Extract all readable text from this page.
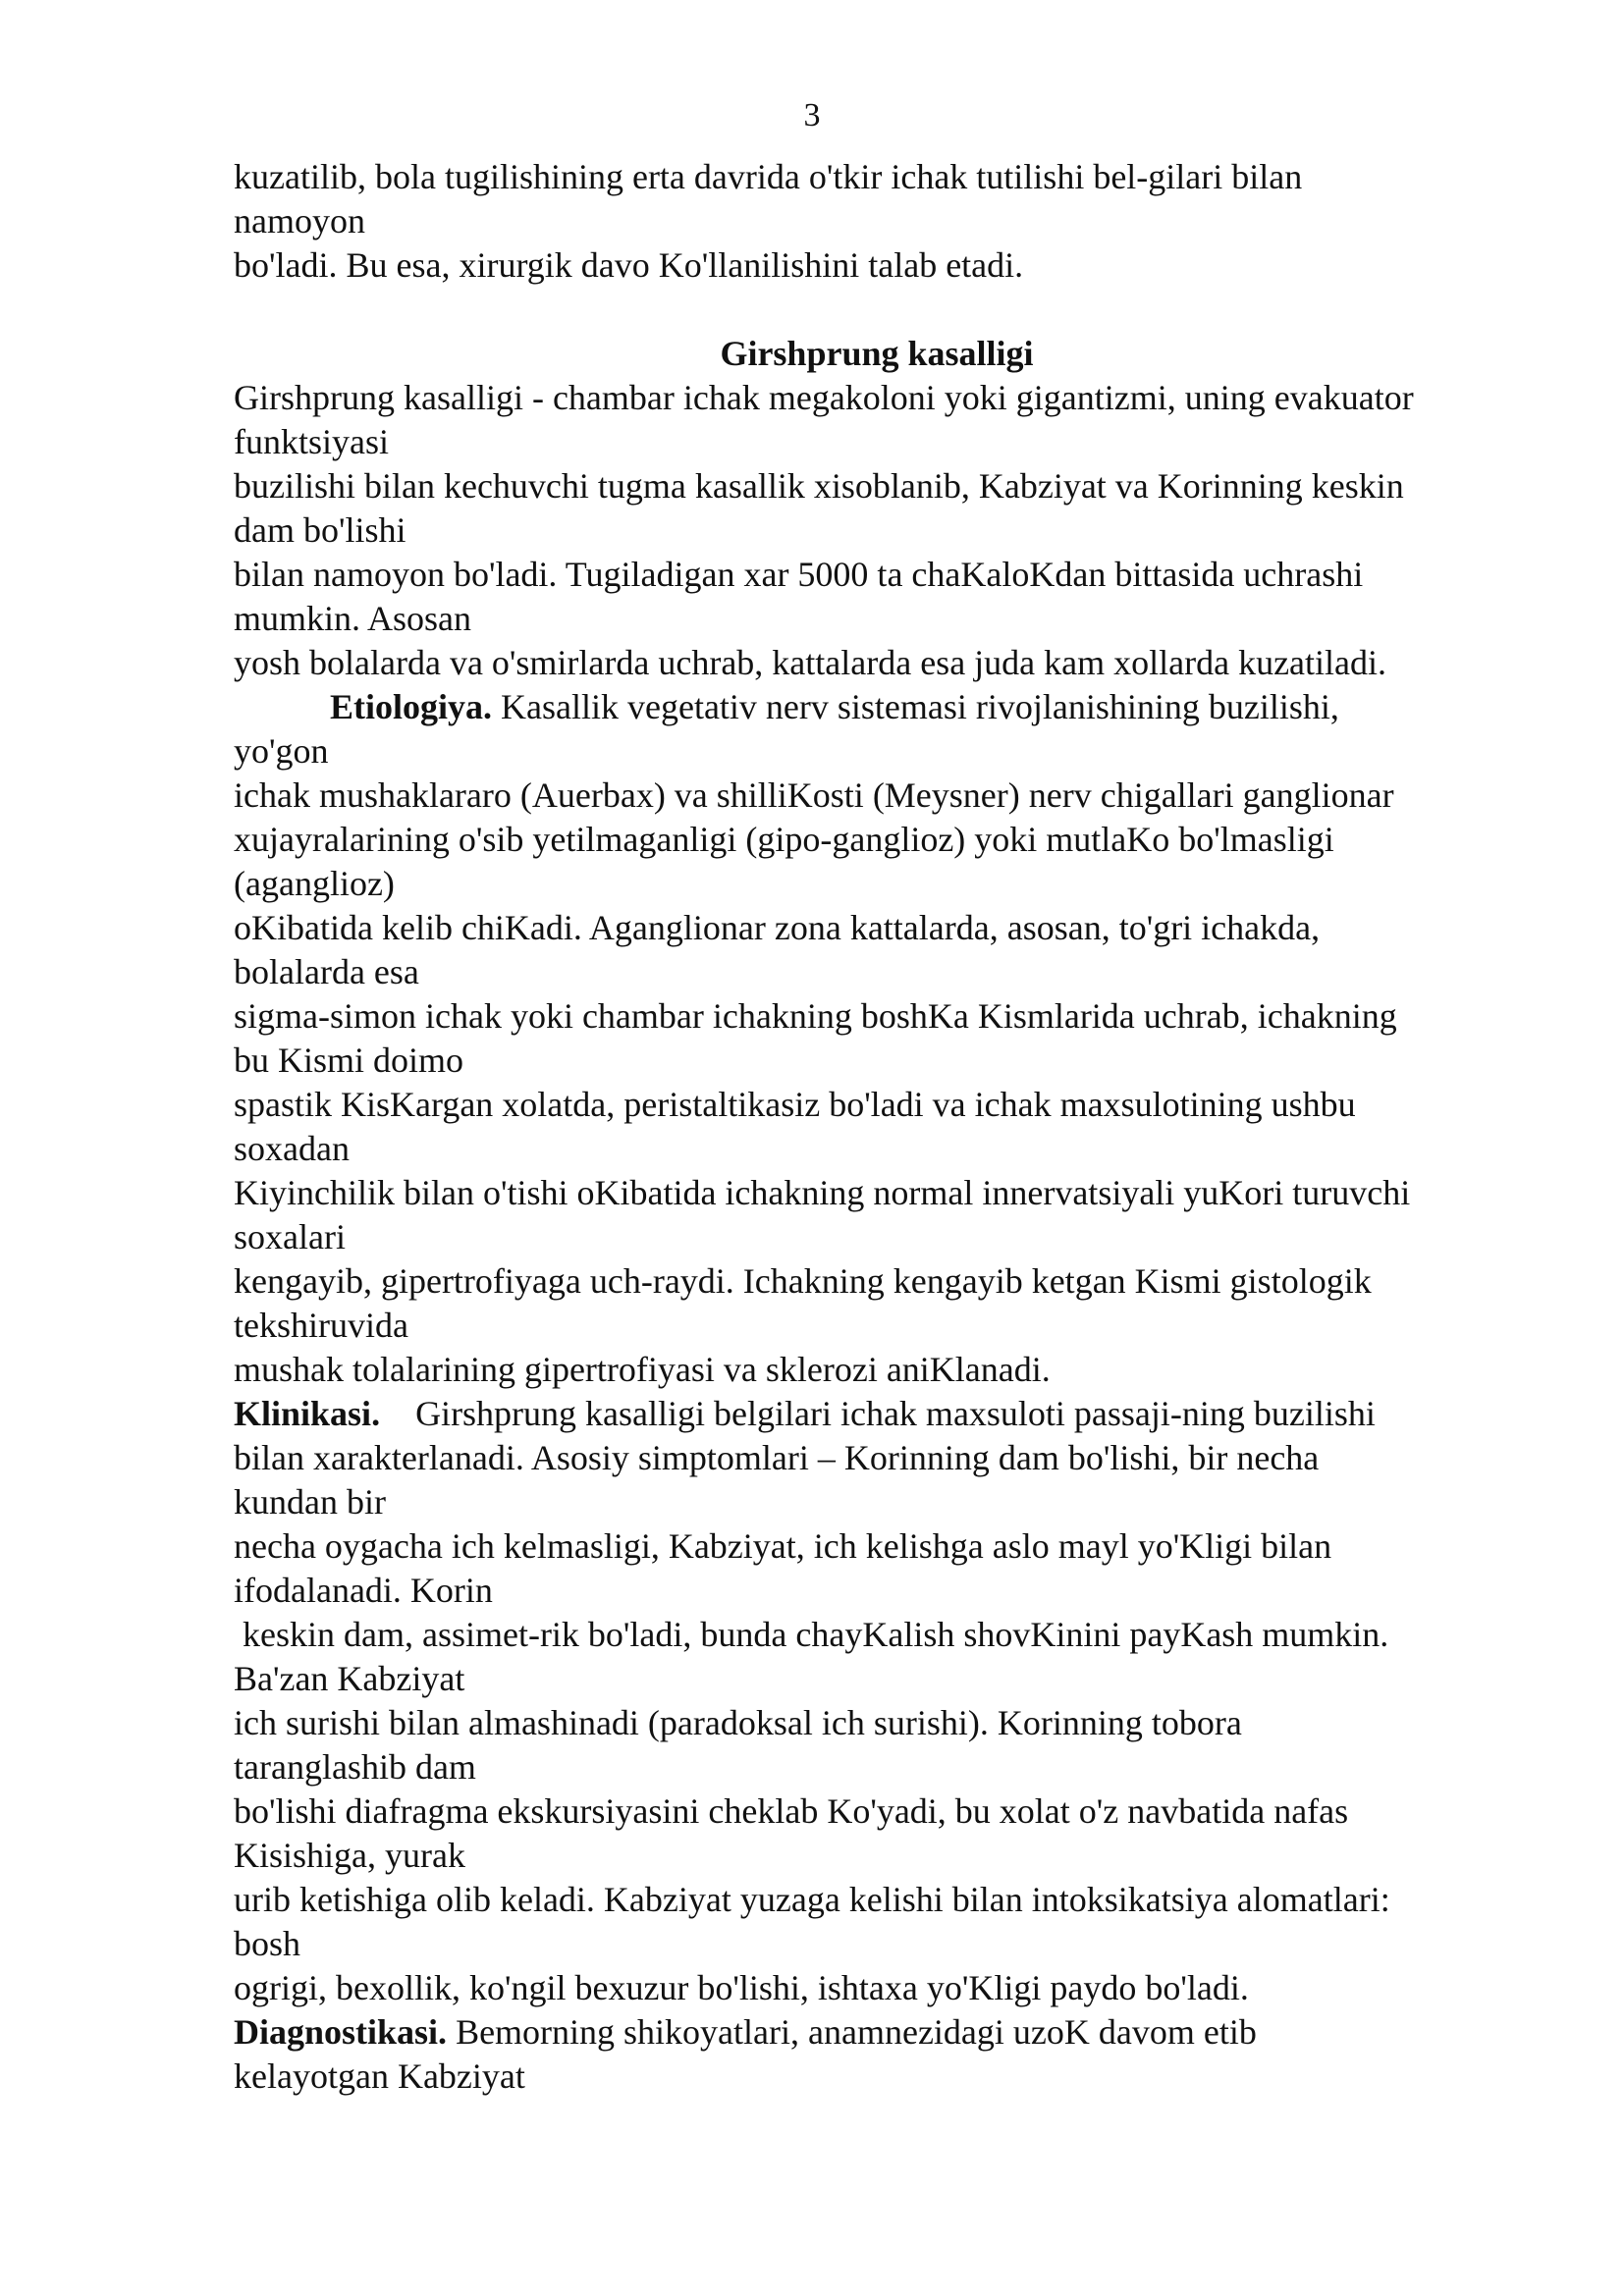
3
kuzatilib, bola tugilishining erta davrida o'tkir ichak tutilishi bel-gilari bilan
namoyon
bo'ladi. Bu esa, xirurgik davo Ko'llanilishini talab etadi.
Girshprung kasalligi
Girshprung kasalligi - chambar ichak megakoloni yoki gigantizmi, uning evakuator
funktsiyasi
buzilishi bilan kechuvchi tugma kasallik xisoblanib, Kabziyat va Korinning keskin
dam bo'lishi
bilan namoyon bo'ladi. Tugiladigan xar 5000 ta chaKaloKdan bittasida uchrashi
mumkin. Asosan
yosh bolalarda va o'smirlarda uchrab, kattalarda esa juda kam xollarda kuzatiladi.
Etiologiya. Kasallik vegetativ nerv sistemasi rivojlanishining buzilishi,
yo'gon
ichak mushaklararo (Auerbax) va shilliKosti (Meysner) nerv chigallari ganglionar
xujayralarining o'sib yetilmaganligi (gipo-ganglioz) yoki mutlaKo bo'lmasligi
(aganglioz)
oKibatida kelib chiKadi. Aganglionar zona kattalarda, asosan, to'gri ichakda,
bolalarda esa
sigma-simon ichak yoki chambar ichakning boshKa Kismlarida uchrab, ichakning
bu Kismi doimo
spastik KisKargan xolatda, peristaltikasiz bo'ladi va ichak maxsulotining ushbu
soxadan
Kiyinchilik bilan o'tishi oKibatida ichakning normal innervatsiyali yuKori turuvchi
soxalari
kengayib, gipertrofiyaga uch-raydi. Ichakning kengayib ketgan Kismi gistologik
tekshiruvida
mushak tolalarining gipertrofiyasi va sklerozi aniKlanadi.
Klinikasi.    Girshprung kasalligi belgilari ichak maxsuloti passaji-ning buzilishi
bilan xarakterlanadi. Asosiy simptomlari – Korinning dam bo'lishi, bir necha
kundan bir
necha oygacha ich kelmasligi, Kabziyat, ich kelishga aslo mayl yo'Kligi bilan
ifodalanadi. Korin
keskin dam, assimet-rik bo'ladi, bunda chayKalish shovKinini payKash mumkin.
Ba'zan Kabziyat
ich surishi bilan almashinadi (paradoksal ich surishi). Korinning tobora
taranglashib dam
bo'lishi diafragma ekskursiyasini cheklab Ko'yadi, bu xolat o'z navbatida nafas
Kisishiga, yurak
urib ketishiga olib keladi. Kabziyat yuzaga kelishi bilan intoksikatsiya alomatlari:
bosh
ogrigi, bexollik, ko'ngil bexuzur bo'lishi, ishtaxa yo'Kligi paydo bo'ladi.
Diagnostikasi. Bemorning shikoyatlari, anamnezidagi uzoK davom etib
kelayotgan Kabziyat
